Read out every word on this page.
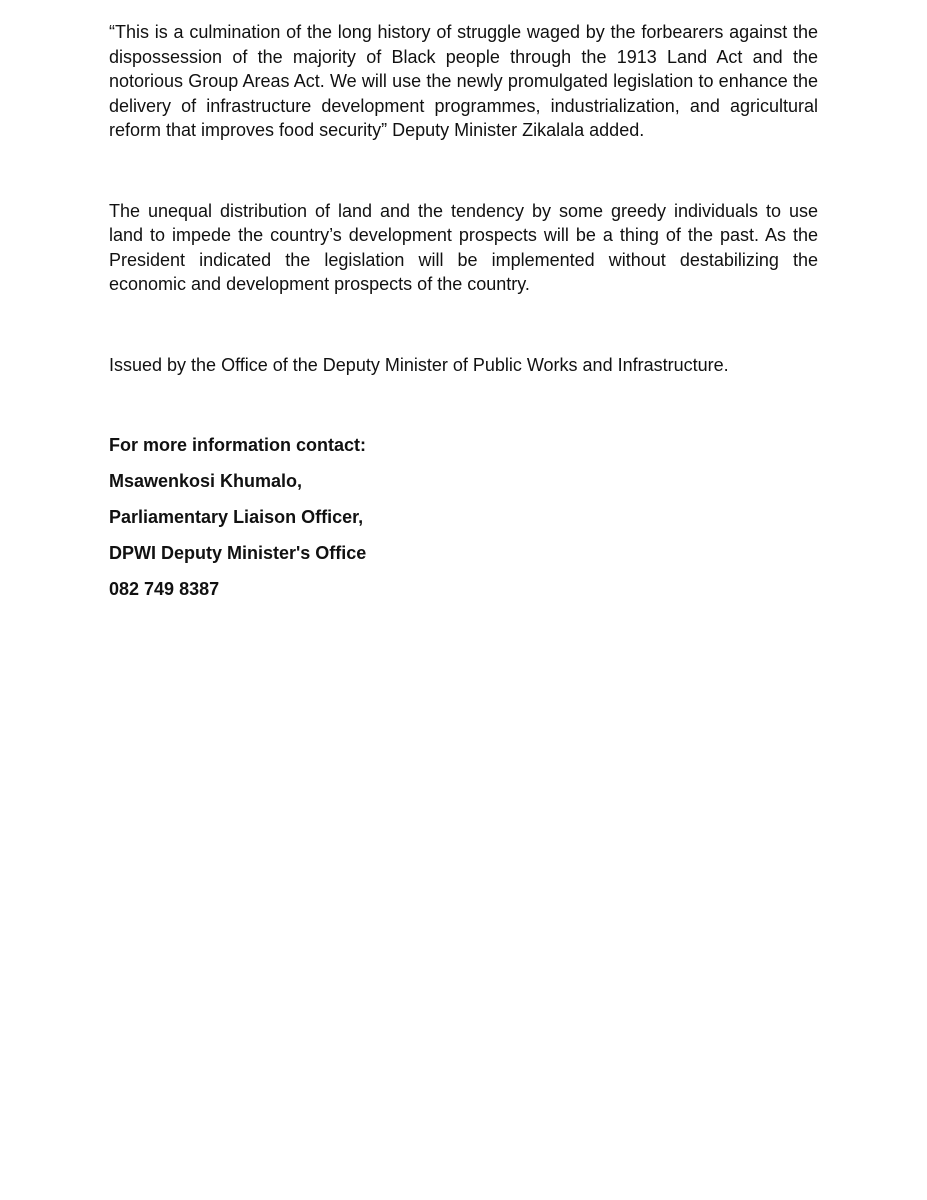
“This is a culmination of the long history of struggle waged by the forbearers against the dispossession of the majority of Black people through the 1913 Land Act and the notorious Group Areas Act. We will use the newly promulgated legislation to enhance the delivery of infrastructure development programmes, industrialization, and agricultural reform that improves food security” Deputy Minister Zikalala added.

The unequal distribution of land and the tendency by some greedy individuals to use land to impede the country’s development prospects will be a thing of the past. As the President indicated the legislation will be implemented without destabilizing the economic and development prospects of the country.

Issued by the Office of the Deputy Minister of Public Works and Infrastructure.

For more information contact:

Msawenkosi Khumalo,

Parliamentary Liaison Officer,

DPWI Deputy Minister's Office

082 749 8387
